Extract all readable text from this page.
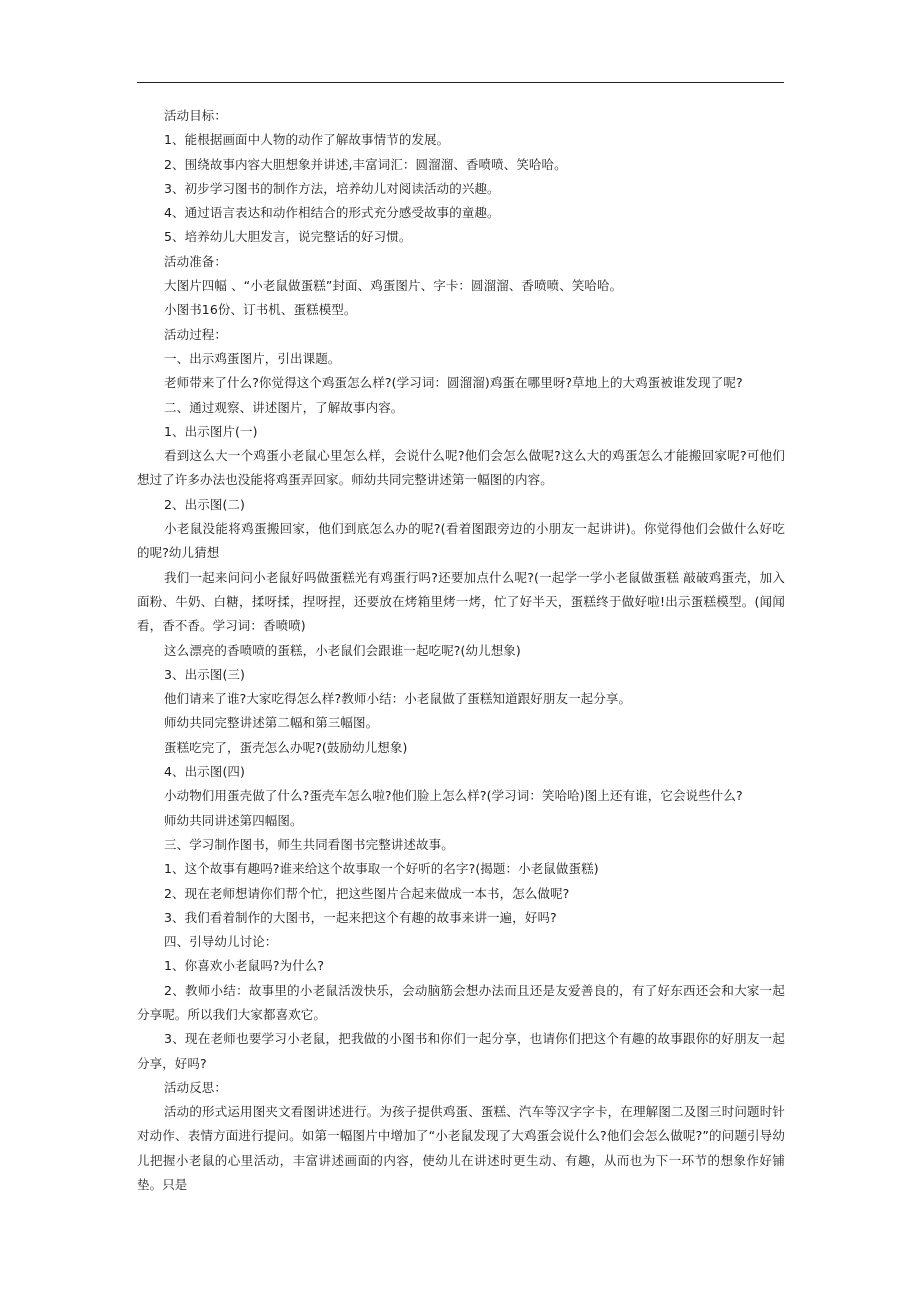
活动目标：

1、能根据画面中人物的动作了解故事情节的发展。

2、围绕故事内容大胆想象并讲述,丰富词汇：圆溜溜、香喷喷、笑哈哈。

3、初步学习图书的制作方法，培养幼儿对阅读活动的兴趣。

4、通过语言表达和动作相结合的形式充分感受故事的童趣。

5、培养幼儿大胆发言，说完整话的好习惯。

活动准备：

大图片四幅 、“小老鼠做蛋糕”封面、鸡蛋图片、字卡：圆溜溜、香喷喷、笑哈哈。

小图书16份、订书机、蛋糕模型。

活动过程：

一、出示鸡蛋图片，引出课题。

老师带来了什么?你觉得这个鸡蛋怎么样?(学习词：圆溜溜)鸡蛋在哪里呀?草地上的大鸡蛋被谁发现了呢?

二、通过观察、讲述图片，了解故事内容。

1、出示图片(一)

看到这么大一个鸡蛋小老鼠心里怎么样，会说什么呢?他们会怎么做呢?这么大的鸡蛋怎么才能搬回家呢?可他们想过了许多办法也没能将鸡蛋弄回家。师幼共同完整讲述第一幅图的内容。

2、出示图(二)

小老鼠没能将鸡蛋搬回家，他们到底怎么办的呢?(看着图跟旁边的小朋友一起讲讲)。你觉得他们会做什么好吃的呢?幼儿猜想

我们一起来问问小老鼠好吗做蛋糕光有鸡蛋行吗?还要加点什么呢?(一起学一学小老鼠做蛋糕 敲破鸡蛋壳，加入面粉、牛奶、白糖，揉呀揉，捏呀捏，还要放在烤箱里烤一烤，忙了好半天，蛋糕终于做好啦!出示蛋糕模型。(闻闻看，香不香。学习词：香喷喷)

这么漂亮的香喷喷的蛋糕，小老鼠们会跟谁一起吃呢?(幼儿想象)

3、出示图(三)

他们请来了谁?大家吃得怎么样?教师小结：小老鼠做了蛋糕知道跟好朋友一起分享。

师幼共同完整讲述第二幅和第三幅图。

蛋糕吃完了，蛋壳怎么办呢?(鼓励幼儿想象)

4、出示图(四)

小动物们用蛋壳做了什么?蛋壳车怎么啦?他们脸上怎么样?(学习词：笑哈哈)图上还有谁，它会说些什么?

师幼共同讲述第四幅图。

三、学习制作图书，师生共同看图书完整讲述故事。

1、这个故事有趣吗?谁来给这个故事取一个好听的名字?(揭题：小老鼠做蛋糕)

2、现在老师想请你们帮个忙，把这些图片合起来做成一本书，怎么做呢?

3、我们看着制作的大图书，一起来把这个有趣的故事来讲一遍，好吗?

四、引导幼儿讨论：

1、你喜欢小老鼠吗?为什么?

2、教师小结：故事里的小老鼠活泼快乐，会动脑筋会想办法而且还是友爱善良的，有了好东西还会和大家一起分享呢。所以我们大家都喜欢它。

3、现在老师也要学习小老鼠，把我做的小图书和你们一起分享，也请你们把这个有趣的故事跟你的好朋友一起分享，好吗?

活动反思：

活动的形式运用图夹文看图讲述进行。为孩子提供鸡蛋、蛋糕、汽车等汉字字卡，在理解图二及图三时问题时针对动作、表情方面进行提问。如第一幅图片中增加了“小老鼠发现了大鸡蛋会说什么?他们会怎么做呢?”的问题引导幼儿把握小老鼠的心里活动，丰富讲述画面的内容，使幼儿在讲述时更生动、有趣，从而也为下一环节的想象作好铺垫。只是
